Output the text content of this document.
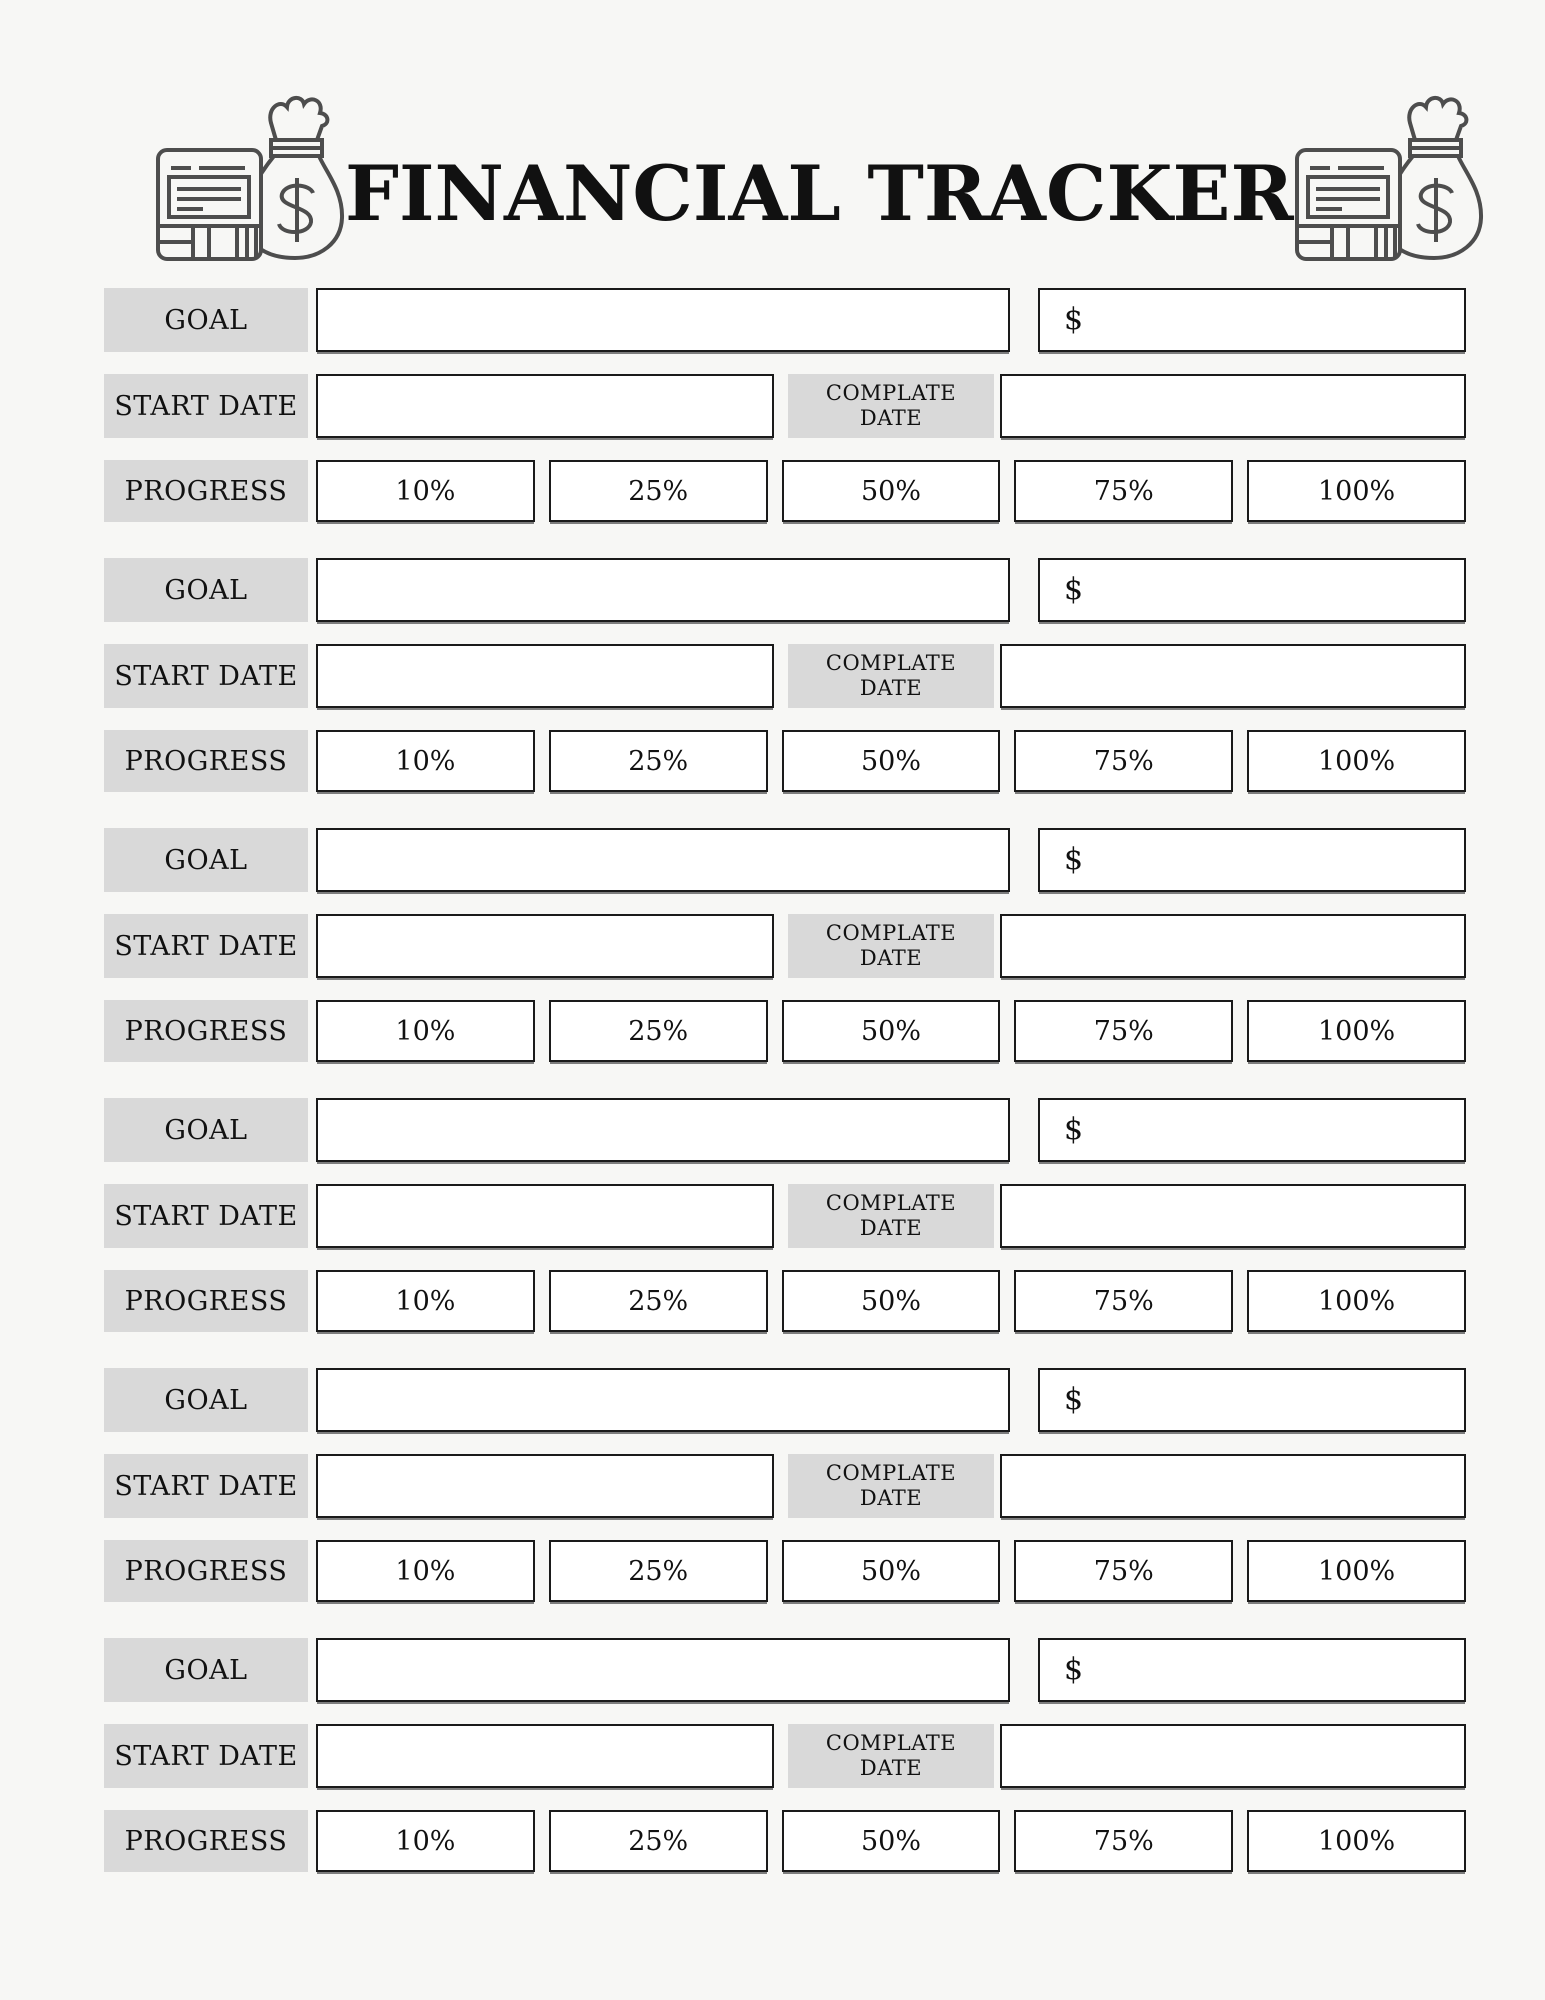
FINANCIAL TRACKER
GOAL	$
START DATE	COMPLATE
DATE
PROGRESS	10%	25%	50%	75%	100%
GOAL	$
START DATE	COMPLATE
DATE
PROGRESS	10%	25%	50%	75%	100%
GOAL	$
START DATE	COMPLATE
DATE
PROGRESS	10%	25%	50%	75%	100%
GOAL	$
START DATE	COMPLATE
DATE
PROGRESS	10%	25%	50%	75%	100%
GOAL	$
START DATE	COMPLATE
DATE
PROGRESS	10%	25%	50%	75%	100%
GOAL	$
START DATE	COMPLATE
DATE
PROGRESS	10%	25%	50%	75%	100%
